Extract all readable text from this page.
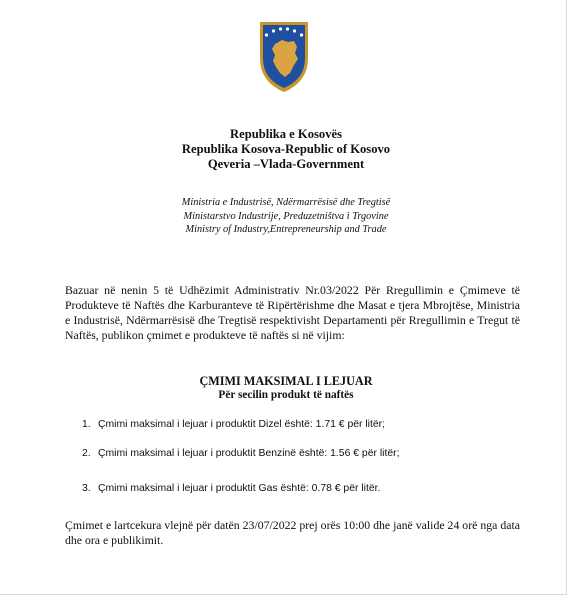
Republika e Kosovës
Republika Kosova-Republic of Kosovo
Qeveria –Vlada-Government
Ministria e Industrisë, Ndërmarrësisë dhe Tregtisë
Ministarstvo Industrije, Preduzetništva i Trgovine
Ministry of Industry,Entrepreneurship and Trade
Bazuar në nenin 5 të Udhëzimit Administrativ Nr.03/2022 Për Rregullimin e Çmimeve të Produkteve të Naftës dhe Karburanteve të Ripërtërishme dhe Masat e tjera Mbrojtëse, Ministria e Industrisë, Ndërmarrësisë dhe Tregtisë respektivisht Departamenti për Rregullimin e Tregut të Naftës, publikon çmimet e produkteve të naftës si në vijim:
ÇMIMI MAKSIMAL I LEJUAR
Për secilin produkt të naftës
1. Çmimi maksimal i lejuar i produktit Dizel është: 1.71 € për litër;
2. Çmimi maksimal i lejuar i produktit Benzinë është: 1.56 € për litër;
3. Çmimi maksimal i lejuar i produktit Gas është: 0.78 € për litër.
Çmimet e lartcekura vlejnë për datën 23/07/2022 prej orës 10:00 dhe janë valide 24 orë nga data dhe ora e publikimit.
